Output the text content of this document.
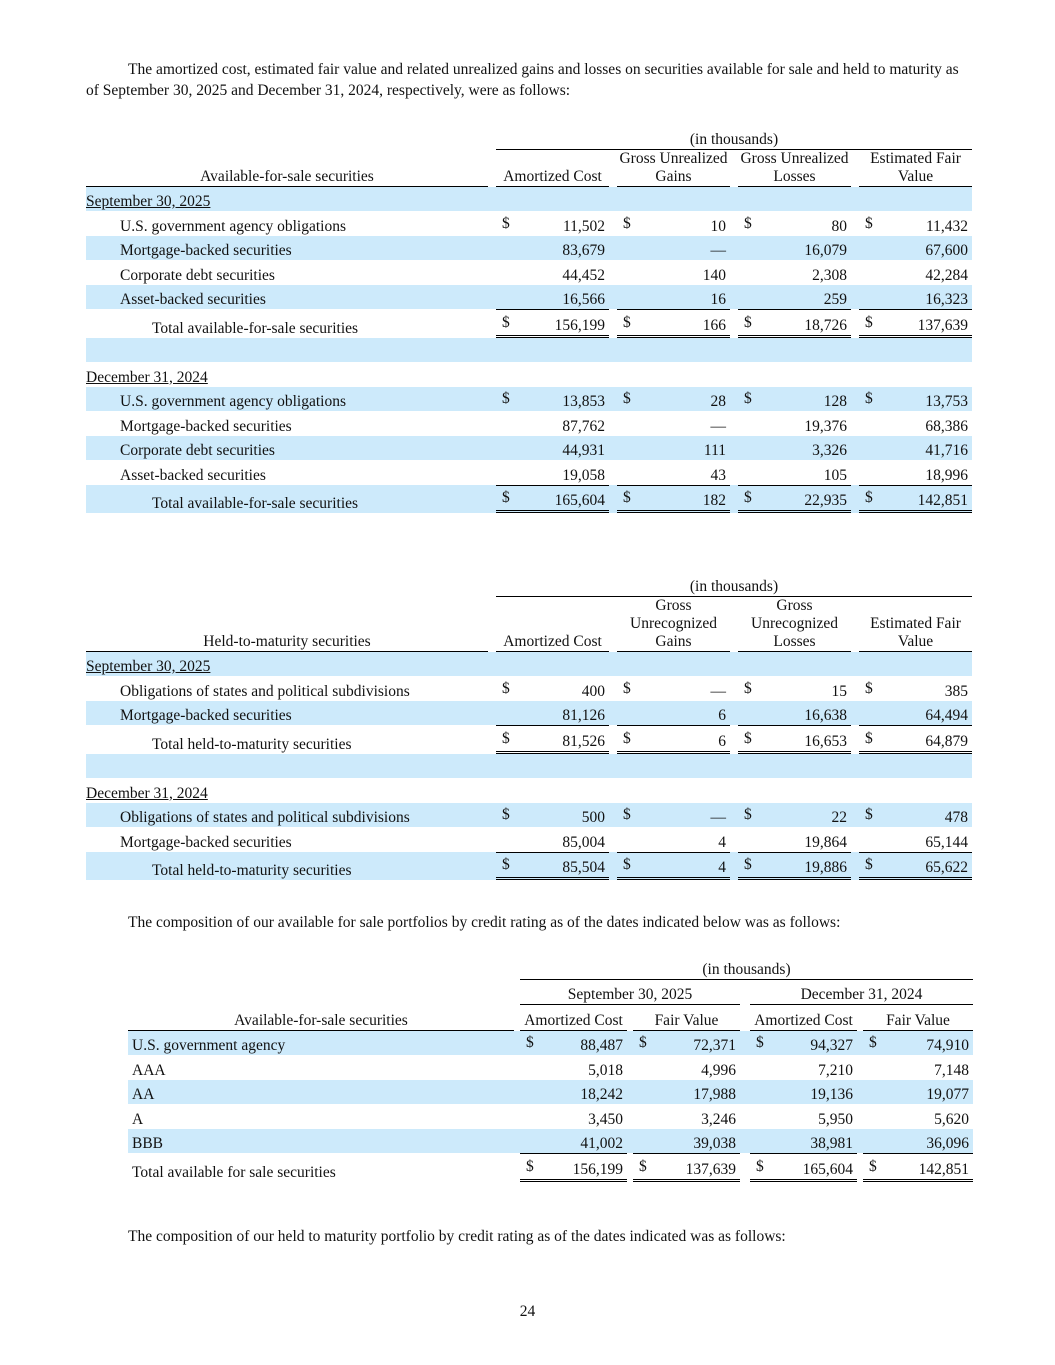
The amortized cost, estimated fair value and related unrealized gains and losses on securities available for sale and held to maturity as of September 30, 2025 and December 31, 2024, respectively, were as follows:

		(in thousands)						
Available-for-sale securities		Amortized Cost		Gross Unrealized Gains		Gross Unrealized Losses		Estimated Fair Value
September 30, 2025								
U.S. government agency obligations		$ 11,502		$ 10		$ 80		$ 11,432

Mortgage-backed securities		83,679		—		16,079		67,600

Corporate debt securities		44,452		140		2,308		42,284

Asset-backed securities		16,566		16		259		16,323

Total available-for-sale securities		$ 156,199		$ 166		$ 18,726		$ 137,639

December 31, 2024								
U.S. government agency obligations		$ 13,853		$ 28		$ 128		$ 13,753

Mortgage-backed securities		87,762		—		19,376		68,386

Corporate debt securities		44,931		111		3,326		41,716

Asset-backed securities		19,058		43		105		18,996

Total available-for-sale securities		$ 165,604		$ 182		$ 22,935		$ 142,851
		(in thousands)						
Held-to-maturity securities		Amortized Cost		Gross Unrecognized Gains		Gross Unrecognized Losses		Estimated Fair Value
September 30, 2025								
Obligations of states and political subdivisions		$ 400		$ —		$ 15		$ 385

Mortgage-backed securities		81,126		6		16,638		64,494

Total held-to-maturity securities		$ 81,526		$ 6		$ 16,653		$ 64,879

December 31, 2024								
Obligations of states and political subdivisions		$ 500		$ —		$ 22		$ 478

Mortgage-backed securities		85,004		4		19,864		65,144

Total held-to-maturity securities		$ 85,504		$ 4		$ 19,886		$ 65,622

The composition of our available for sale portfolios by credit rating as of the dates indicated below was as follows:

		(in thousands)						
		September 30, 2025				December 31, 2024		
Available-for-sale securities		Amortized Cost		Fair Value		Amortized Cost		Fair Value
U.S. government agency		$ 88,487		$ 72,371		$ 94,327		$ 74,910

AAA		5,018		4,996		7,210		7,148

AA		18,242		17,988		19,136		19,077

A		3,450		3,246		5,950		5,620

BBB		41,002		39,038		38,981		36,096

Total available for sale securities		$ 156,199		$ 137,639		$ 165,604		$ 142,851

The composition of our held to maturity portfolio by credit rating as of the dates indicated was as follows:

24
